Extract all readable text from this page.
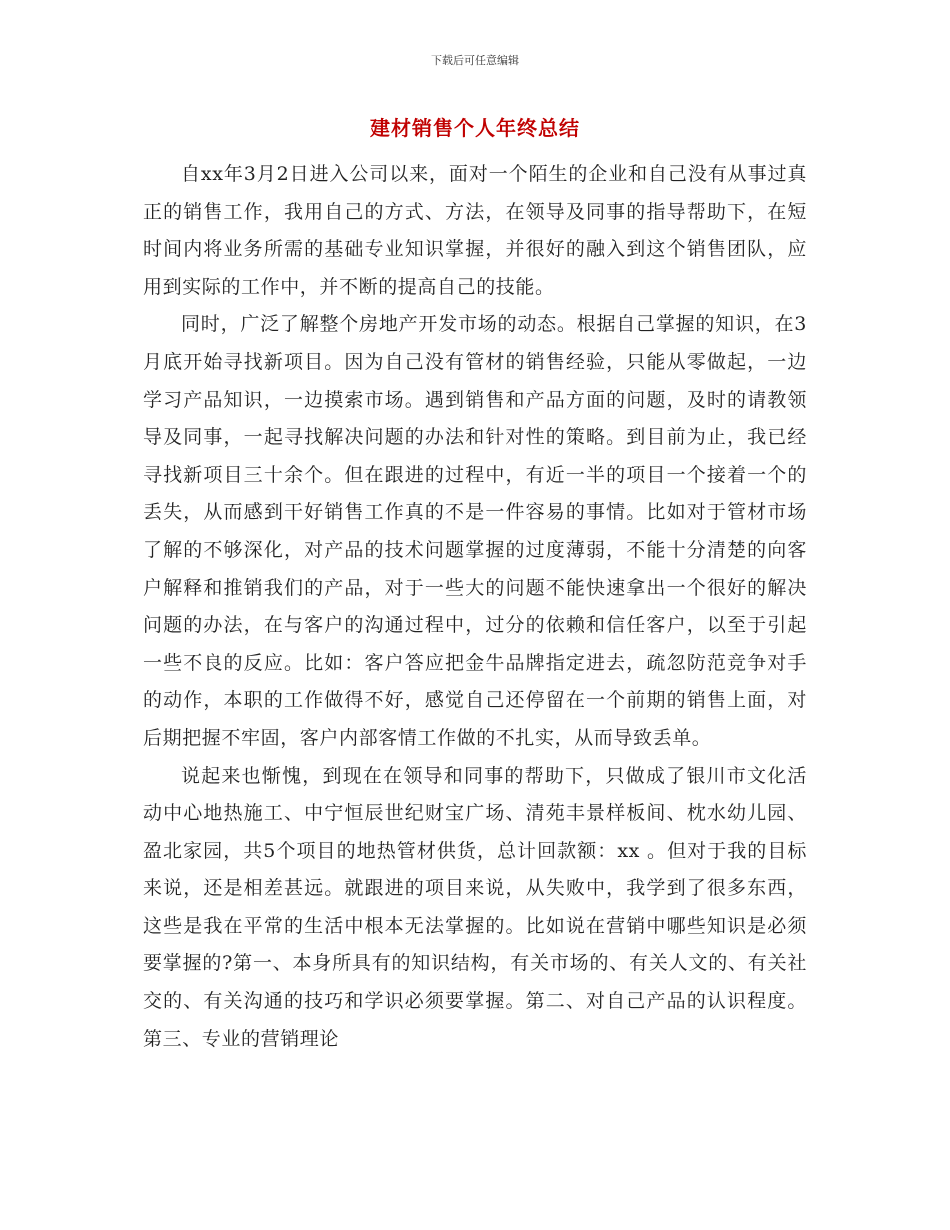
下载后可任意编辑
建材销售个人年终总结

自xx年3月2日进入公司以来，面对一个陌生的企业和自己没有从事过真正的销售工作，我用自己的方式、方法，在领导及同事的指导帮助下，在短时间内将业务所需的基础专业知识掌握，并很好的融入到这个销售团队，应用到实际的工作中，并不断的提高自己的技能。

同时，广泛了解整个房地产开发市场的动态。根据自己掌握的知识，在3月底开始寻找新项目。因为自己没有管材的销售经验，只能从零做起，一边学习产品知识，一边摸索市场。遇到销售和产品方面的问题，及时的请教领导及同事，一起寻找解决问题的办法和针对性的策略。到目前为止，我已经寻找新项目三十余个。但在跟进的过程中，有近一半的项目一个接着一个的丢失，从而感到干好销售工作真的不是一件容易的事情。比如对于管材市场了解的不够深化，对产品的技术问题掌握的过度薄弱，不能十分清楚的向客户解释和推销我们的产品，对于一些大的问题不能快速拿出一个很好的解决问题的办法，在与客户的沟通过程中，过分的依赖和信任客户，以至于引起一些不良的反应。比如：客户答应把金牛品牌指定进去，疏忽防范竞争对手的动作，本职的工作做得不好，感觉自己还停留在一个前期的销售上面，对后期把握不牢固，客户内部客情工作做的不扎实，从而导致丢单。

说起来也惭愧，到现在在领导和同事的帮助下，只做成了银川市文化活动中心地热施工、中宁恒辰世纪财宝广场、清苑丰景样板间、枕水幼儿园、盈北家园，共5个项目的地热管材供货，总计回款额：xx 。但对于我的目标来说，还是相差甚远。就跟进的项目来说，从失败中，我学到了很多东西，这些是我在平常的生活中根本无法掌握的。比如说在营销中哪些知识是必须要掌握的?第一、本身所具有的知识结构，有关市场的、有关人文的、有关社交的、有关沟通的技巧和学识必须要掌握。第二、对自己产品的认识程度。第三、专业的营销理论
